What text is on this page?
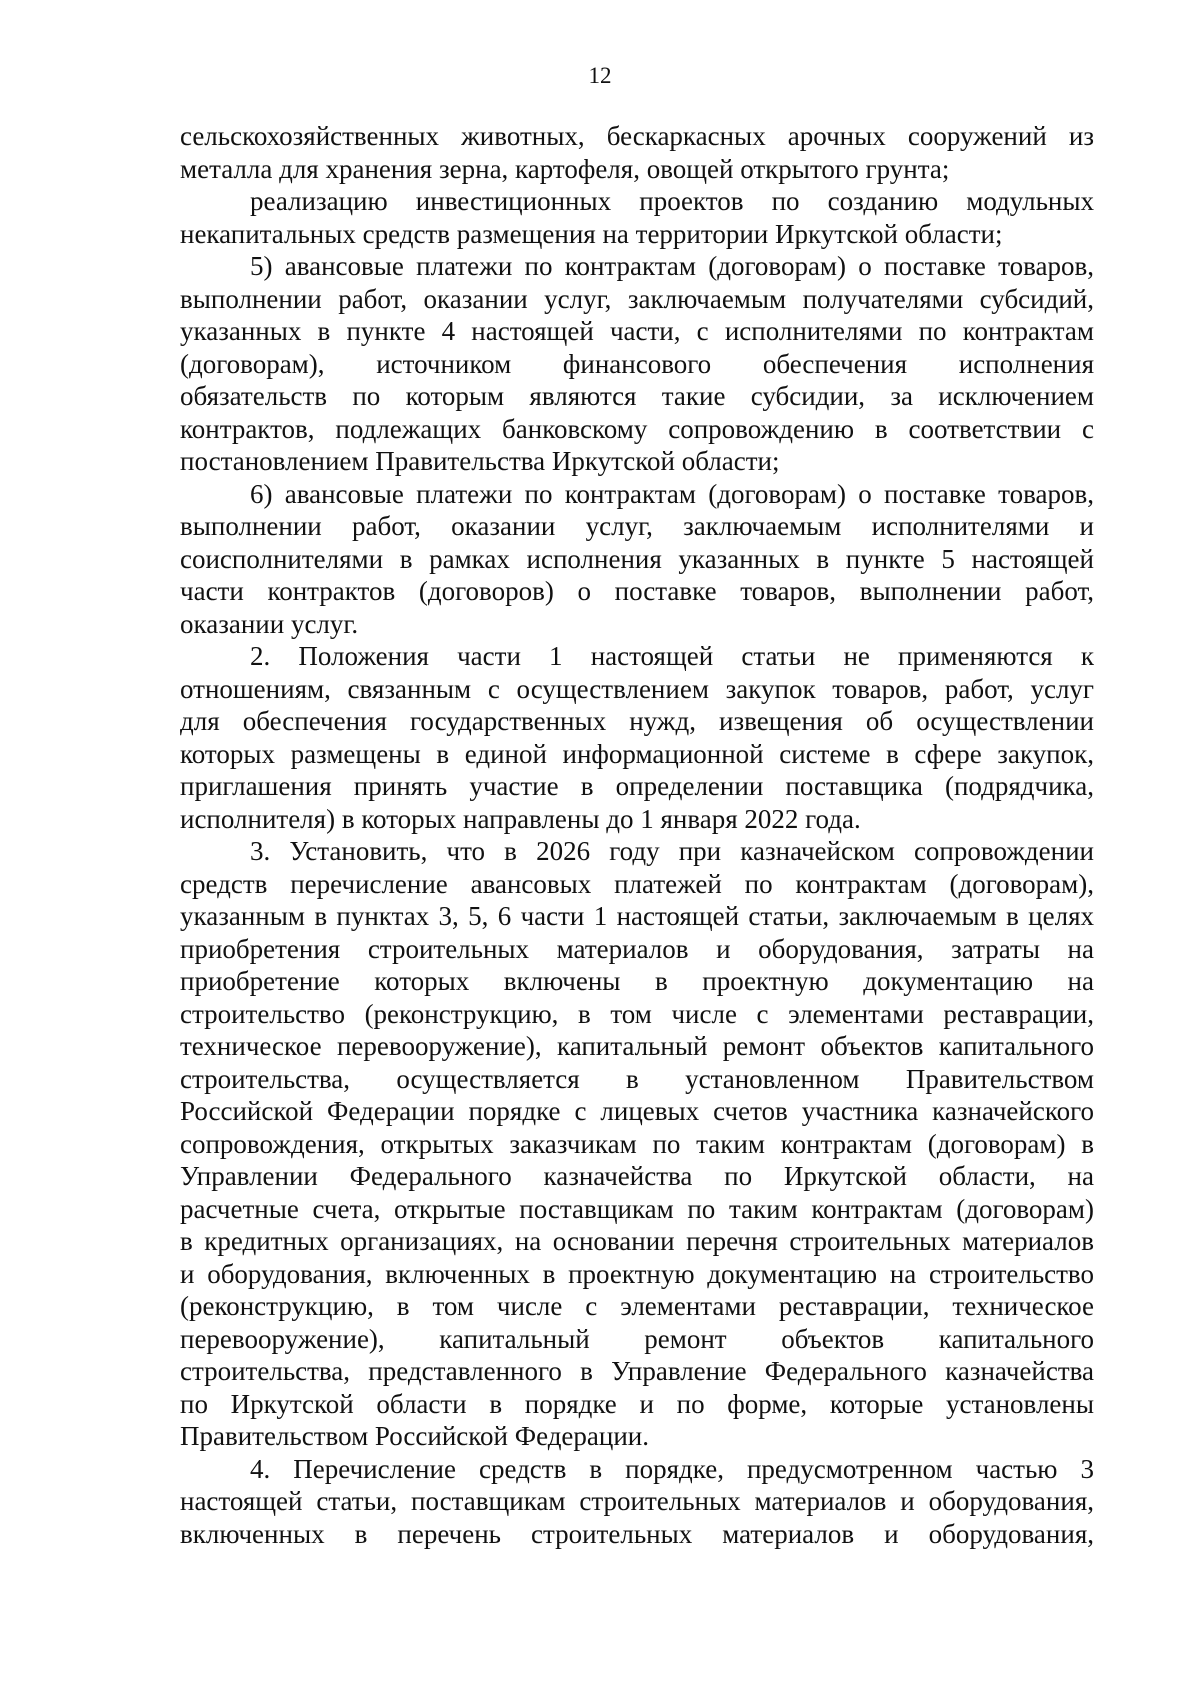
12

сельскохозяйственных животных, бескаркасных арочных сооружений из
металла для хранения зерна, картофеля, овощей открытого грунта;

реализацию инвестиционных проектов по созданию модульных
некапитальных средств размещения на территории Иркутской области;

5) авансовые платежи по контрактам (договорам) о поставке товаров,
выполнении работ, оказании услуг, заключаемым получателями субсидий,
указанных в пункте 4 настоящей части, с исполнителями по контрактам
(договорам), источником финансового обеспечения исполнения
обязательств по которым являются такие субсидии, за исключением
контрактов, подлежащих банковскому сопровождению в соответствии с
постановлением Правительства Иркутской области;

6) авансовые платежи по контрактам (договорам) о поставке товаров,
выполнении работ, оказании услуг, заключаемым исполнителями и
соисполнителями в рамках исполнения указанных в пункте 5 настоящей
части контрактов (договоров) о поставке товаров, выполнении работ,
оказании услуг.

2. Положения части 1 настоящей статьи не применяются к
отношениям, связанным с осуществлением закупок товаров, работ, услуг
для обеспечения государственных нужд, извещения об осуществлении
которых размещены в единой информационной системе в сфере закупок,
приглашения принять участие в определении поставщика (подрядчика,
исполнителя) в которых направлены до 1 января 2022 года.

3. Установить, что в 2026 году при казначейском сопровождении
средств перечисление авансовых платежей по контрактам (договорам),
указанным в пунктах 3, 5, 6 части 1 настоящей статьи, заключаемым в целях
приобретения строительных материалов и оборудования, затраты на
приобретение которых включены в проектную документацию на
строительство (реконструкцию, в том числе с элементами реставрации,
техническое перевооружение), капитальный ремонт объектов капитального
строительства, осуществляется в установленном Правительством
Российской Федерации порядке с лицевых счетов участника казначейского
сопровождения, открытых заказчикам по таким контрактам (договорам) в
Управлении Федерального казначейства по Иркутской области, на
расчетные счета, открытые поставщикам по таким контрактам (договорам)
в кредитных организациях, на основании перечня строительных материалов
и оборудования, включенных в проектную документацию на строительство
(реконструкцию, в том числе с элементами реставрации, техническое
перевооружение), капитальный ремонт объектов капитального
строительства, представленного в Управление Федерального казначейства
по Иркутской области в порядке и по форме, которые установлены
Правительством Российской Федерации.

4. Перечисление средств в порядке, предусмотренном частью 3
настоящей статьи, поставщикам строительных материалов и оборудования,
включенных в перечень строительных материалов и оборудования,
